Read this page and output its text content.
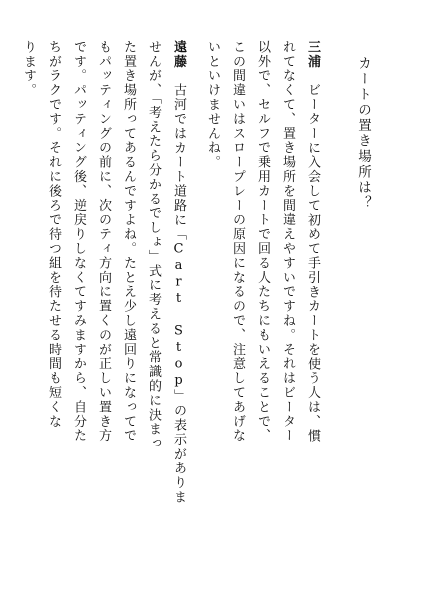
カートの置き場所は？
三浦　ビーターに入会して初めて手引きカートを使う人は、慣
れてなくて、置き場所を間違えやすいですね。それはビーター
以外で、セルフで乗用カートで回る人たちにもいえることで、
この間違いはスロープレーの原因になるので、注意してあげな
いといけませんね。
遠藤　古河ではカート道路に「Cart Stop」の表示がありま
せんが、「考えたら分かるでしょ」式に考えると常識的に決まっ
た置き場所ってあるんですよね。たとえ少し遠回りになってで
もパッティングの前に、次のティ方向に置くのが正しい置き方
です。パッティング後、逆戻りしなくてすみますから、自分た
ちがラクです。それに後ろで待つ組を待たせる時間も短くな
ります。
